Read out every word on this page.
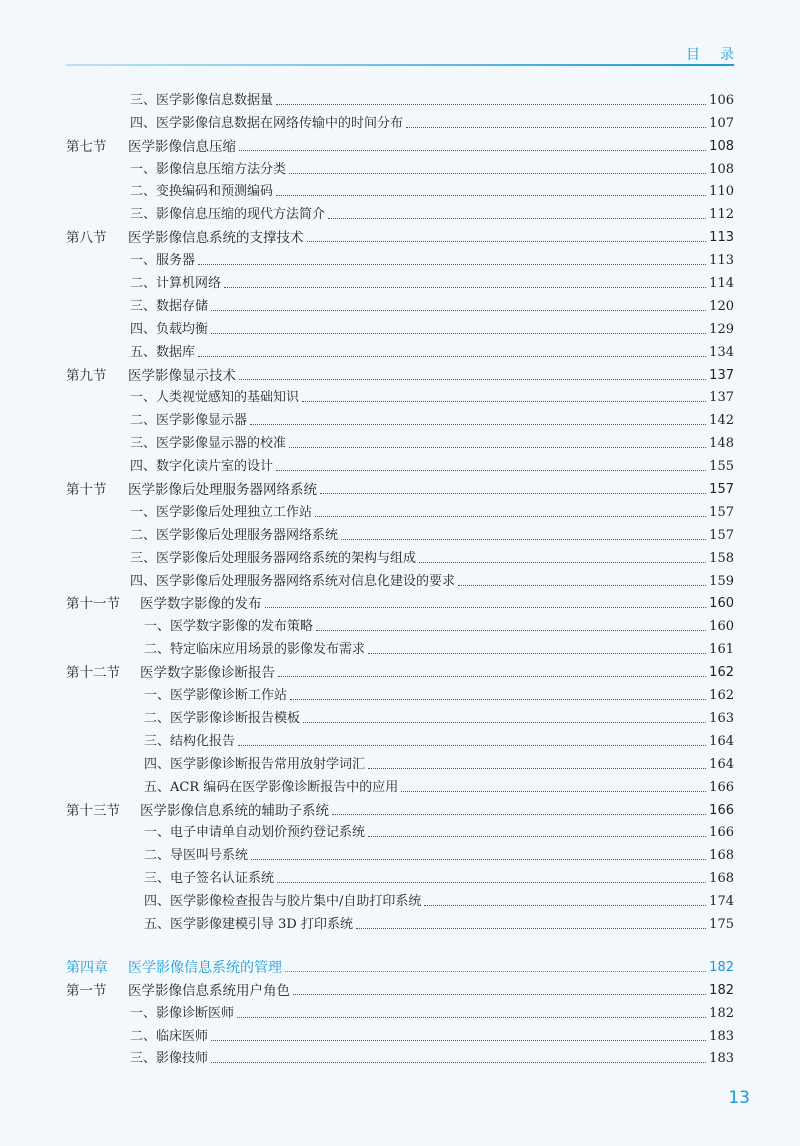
目录
三、医学影像信息数据量	106
四、医学影像信息数据在网络传输中的时间分布	107
第七节	医学影像信息压缩	108
一、影像信息压缩方法分类	108
二、变换编码和预测编码	110
三、影像信息压缩的现代方法简介	112
第八节	医学影像信息系统的支撑技术	113
一、服务器	113
二、计算机网络	114
三、数据存储	120
四、负载均衡	129
五、数据库	134
第九节	医学影像显示技术	137
一、人类视觉感知的基础知识	137
二、医学影像显示器	142
三、医学影像显示器的校准	148
四、数字化读片室的设计	155
第十节	医学影像后处理服务器网络系统	157
一、医学影像后处理独立工作站	157
二、医学影像后处理服务器网络系统	157
三、医学影像后处理服务器网络系统的架构与组成	158
四、医学影像后处理服务器网络系统对信息化建设的要求	159
第十一节	医学数字影像的发布	160
一、医学数字影像的发布策略	160
二、特定临床应用场景的影像发布需求	161
第十二节	医学数字影像诊断报告	162
一、医学影像诊断工作站	162
二、医学影像诊断报告模板	163
三、结构化报告	164
四、医学影像诊断报告常用放射学词汇	164
五、ACR 编码在医学影像诊断报告中的应用	166
第十三节	医学影像信息系统的辅助子系统	166
一、电子申请单自动划价预约登记系统	166
二、导医叫号系统	168
三、电子签名认证系统	168
四、医学影像检查报告与胶片集中/自助打印系统	174
五、医学影像建模引导 3D 打印系统	175
第四章	医学影像信息系统的管理	182
第一节	医学影像信息系统用户角色	182
一、影像诊断医师	182
二、临床医师	183
三、影像技师	183
13
